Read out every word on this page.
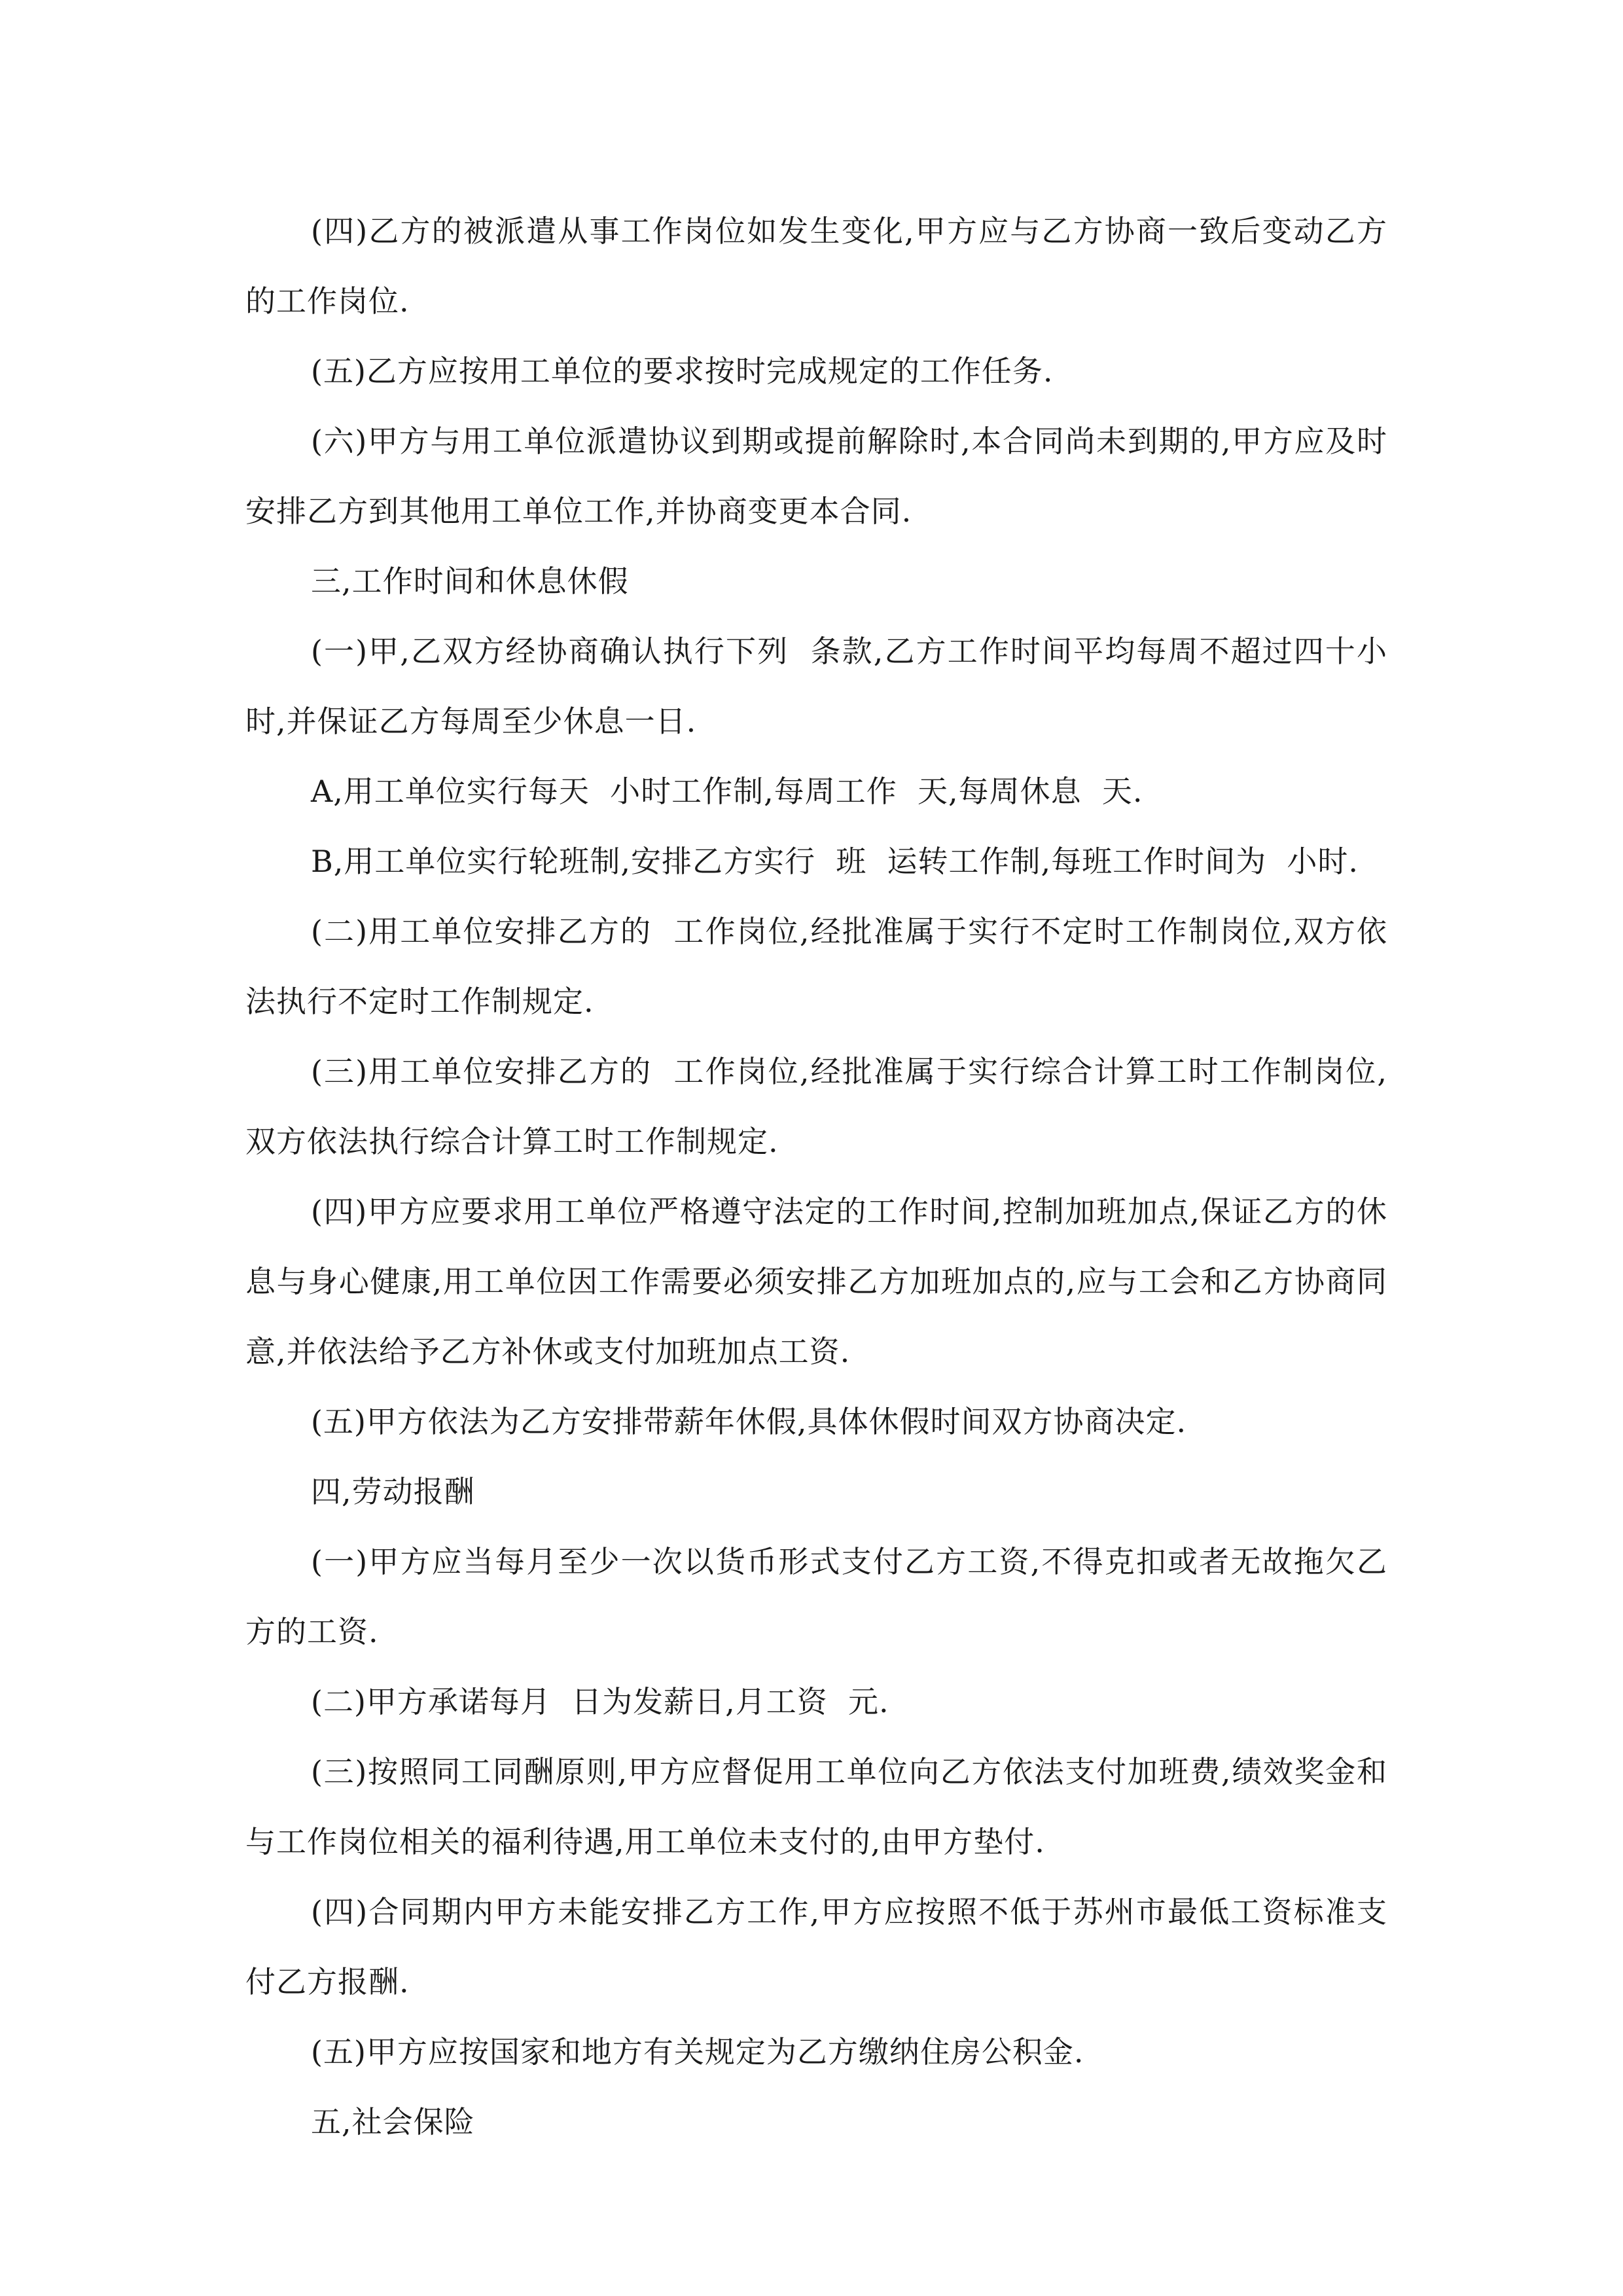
(四)乙方的被派遣从事工作岗位如发生变化,甲方应与乙方协商一致后变动乙方的工作岗位.

(五)乙方应按用工单位的要求按时完成规定的工作任务.

(六)甲方与用工单位派遣协议到期或提前解除时,本合同尚未到期的,甲方应及时安排乙方到其他用工单位工作,并协商变更本合同.

三,工作时间和休息休假

(一)甲,乙双方经协商确认执行下列  条款,乙方工作时间平均每周不超过四十小时,并保证乙方每周至少休息一日.

A,用工单位实行每天  小时工作制,每周工作  天,每周休息  天.

B,用工单位实行轮班制,安排乙方实行  班  运转工作制,每班工作时间为  小时.

(二)用工单位安排乙方的  工作岗位,经批准属于实行不定时工作制岗位,双方依法执行不定时工作制规定.

(三)用工单位安排乙方的  工作岗位,经批准属于实行综合计算工时工作制岗位,双方依法执行综合计算工时工作制规定.

(四)甲方应要求用工单位严格遵守法定的工作时间,控制加班加点,保证乙方的休息与身心健康,用工单位因工作需要必须安排乙方加班加点的,应与工会和乙方协商同意,并依法给予乙方补休或支付加班加点工资.

(五)甲方依法为乙方安排带薪年休假,具体休假时间双方协商决定.

四,劳动报酬

(一)甲方应当每月至少一次以货币形式支付乙方工资,不得克扣或者无故拖欠乙方的工资.

(二)甲方承诺每月  日为发薪日,月工资  元.

(三)按照同工同酬原则,甲方应督促用工单位向乙方依法支付加班费,绩效奖金和与工作岗位相关的福利待遇,用工单位未支付的,由甲方垫付.

(四)合同期内甲方未能安排乙方工作,甲方应按照不低于苏州市最低工资标准支付乙方报酬.

(五)甲方应按国家和地方有关规定为乙方缴纳住房公积金.

五,社会保险
